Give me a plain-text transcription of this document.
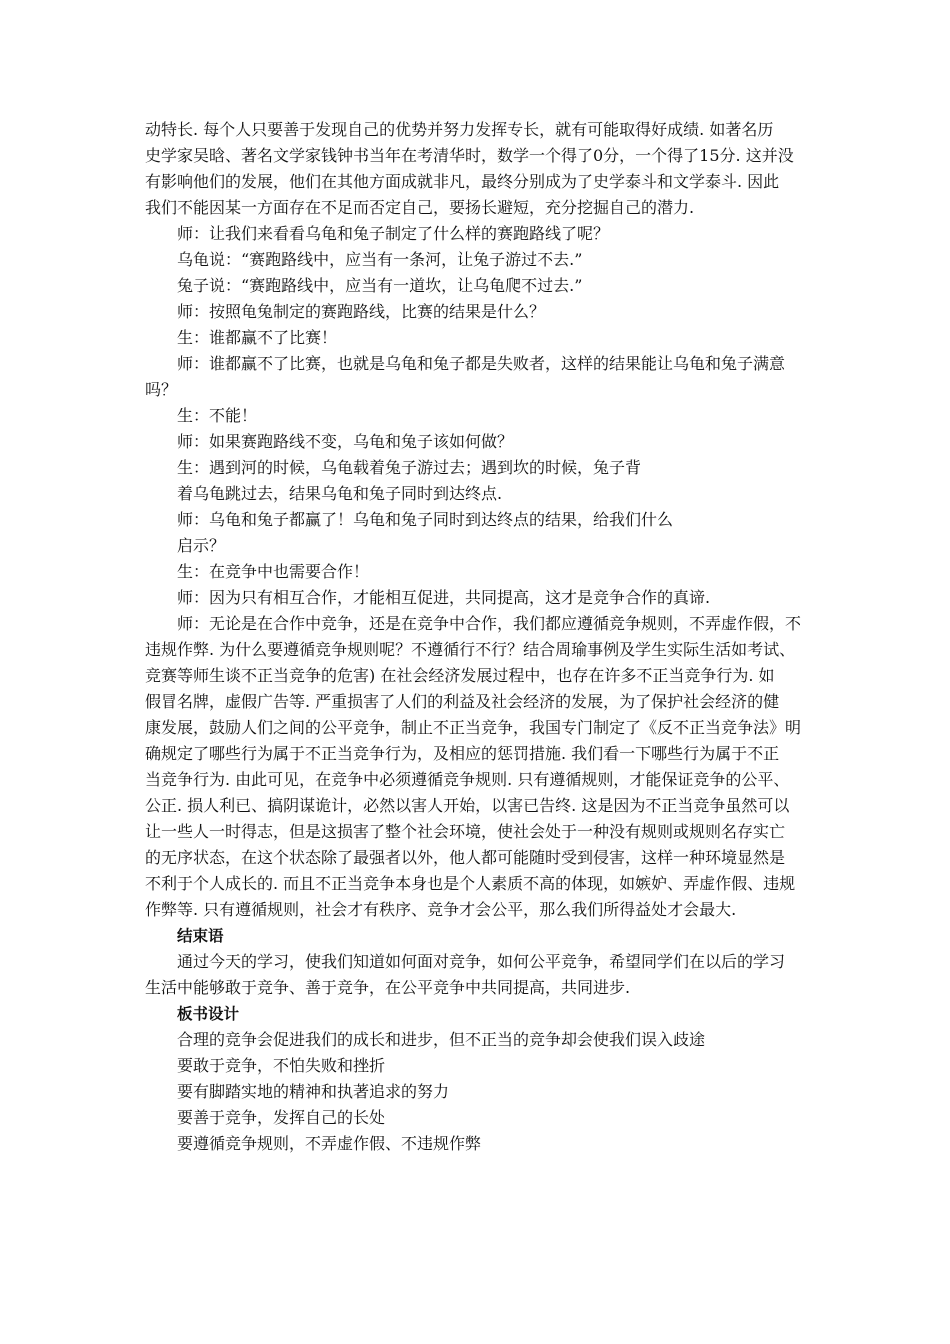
动特长. 每个人只要善于发现自己的优势并努力发挥专长，就有可能取得好成绩. 如著名历
史学家吴晗、著名文学家钱钟书当年在考清华时，数学一个得了0分，一个得了15分. 这并没
有影响他们的发展，他们在其他方面成就非凡，最终分别成为了史学泰斗和文学泰斗. 因此
我们不能因某一方面存在不足而否定自己，要扬长避短，充分挖掘自己的潜力.
师：让我们来看看乌龟和兔子制定了什么样的赛跑路线了呢？
乌龟说：“赛跑路线中，应当有一条河，让兔子游过不去.”
兔子说：“赛跑路线中，应当有一道坎，让乌龟爬不过去.”
师：按照龟兔制定的赛跑路线，比赛的结果是什么？
生：谁都赢不了比赛！
师：谁都赢不了比赛，也就是乌龟和兔子都是失败者，这样的结果能让乌龟和兔子满意
吗？
生：不能！
师：如果赛跑路线不变，乌龟和兔子该如何做？
生：遇到河的时候，乌龟载着兔子游过去；遇到坎的时候，兔子背
着乌龟跳过去，结果乌龟和兔子同时到达终点.
师：乌龟和兔子都赢了！乌龟和兔子同时到达终点的结果，给我们什么
启示？
生：在竞争中也需要合作！
师：因为只有相互合作，才能相互促进，共同提高，这才是竞争合作的真谛.
师：无论是在合作中竞争，还是在竞争中合作，我们都应遵循竞争规则，不弄虚作假，不
违规作弊. 为什么要遵循竞争规则呢？不遵循行不行？结合周瑜事例及学生实际生活如考试、
竞赛等师生谈不正当竞争的危害) 在社会经济发展过程中，也存在许多不正当竞争行为. 如
假冒名牌，虚假广告等. 严重损害了人们的利益及社会经济的发展，为了保护社会经济的健
康发展，鼓励人们之间的公平竞争，制止不正当竞争，我国专门制定了《反不正当竞争法》明
确规定了哪些行为属于不正当竞争行为，及相应的惩罚措施. 我们看一下哪些行为属于不正
当竞争行为. 由此可见，在竞争中必须遵循竞争规则. 只有遵循规则，才能保证竞争的公平、
公正. 损人利已、搞阴谋诡计，必然以害人开始，以害已告终. 这是因为不正当竞争虽然可以
让一些人一时得志，但是这损害了整个社会环境，使社会处于一种没有规则或规则名存实亡
的无序状态，在这个状态除了最强者以外，他人都可能随时受到侵害，这样一种环境显然是
不利于个人成长的. 而且不正当竞争本身也是个人素质不高的体现，如嫉妒、弄虚作假、违规
作弊等. 只有遵循规则，社会才有秩序、竞争才会公平，那么我们所得益处才会最大.
结束语
通过今天的学习，使我们知道如何面对竞争，如何公平竞争，希望同学们在以后的学习
生活中能够敢于竞争、善于竞争，在公平竞争中共同提高，共同进步.
板书设计
合理的竞争会促进我们的成长和进步，但不正当的竞争却会使我们误入歧途
要敢于竞争，不怕失败和挫折
要有脚踏实地的精神和执著追求的努力
要善于竞争，发挥自己的长处
要遵循竞争规则，不弄虚作假、不违规作弊
